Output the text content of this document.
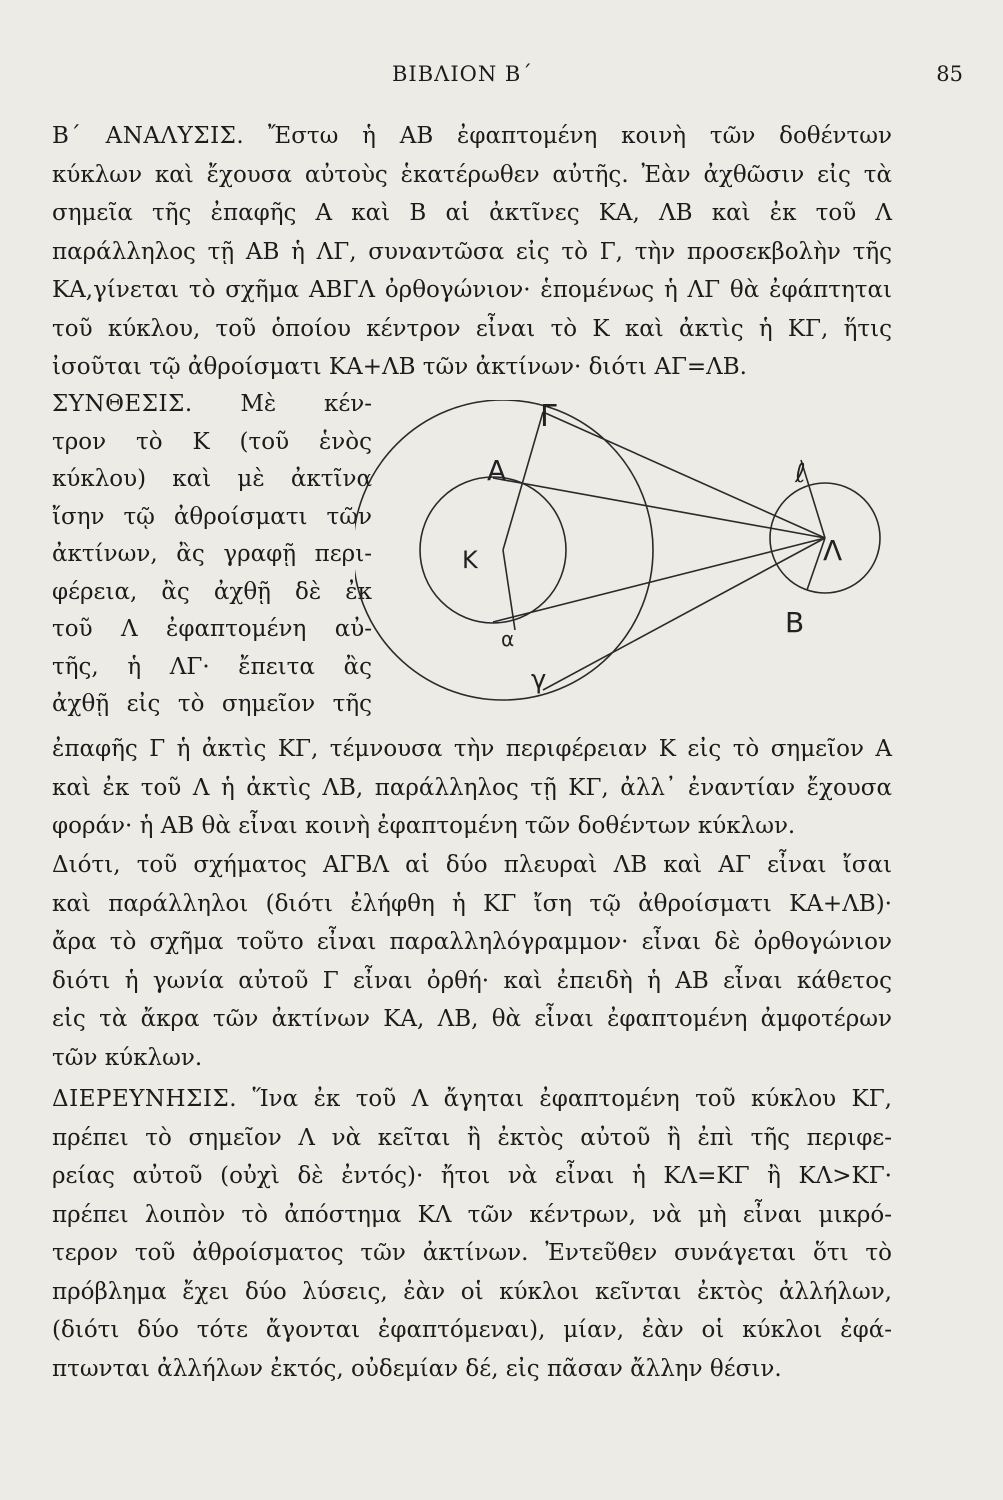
ΒΙΒΛΙΟΝ Β΄	85
Β΄ ΑΝΑΛΥΣΙΣ. Ἔστω ἡ ΑΒ ἐφαπτομένη κοινὴ τῶν δοθέντων
κύκλων καὶ ἔχουσα αὐτοὺς ἑκατέρωθεν αὐτῆς. Ἐὰν ἀχθῶσιν εἰς τὰ
σημεῖα τῆς ἐπαφῆς Α καὶ Β αἱ ἀκτῖνες ΚΑ, ΛΒ καὶ ἐκ τοῦ Λ
παράλληλος τῇ ΑΒ ἡ ΛΓ, συναντῶσα εἰς τὸ Γ, τὴν προσεκβολὴν τῆς
ΚΑ,γίνεται τὸ σχῆμα ΑΒΓΛ ὀρθογώνιον· ἑπομένως ἡ ΛΓ θὰ ἐφάπτηται
τοῦ κύκλου, τοῦ ὁποίου κέντρον εἶναι τὸ Κ καὶ ἀκτὶς ἡ ΚΓ, ἥτις
ἰσοῦται τῷ ἀθροίσματι ΚΑ+ΛΒ τῶν ἀκτίνων· διότι ΑΓ=ΛΒ.
ΣΥΝΘΕΣΙΣ. Μὲ κέν-
τρον τὸ Κ (τοῦ ἑνὸς
κύκλου) καὶ μὲ ἀκτῖνα
ἴσην τῷ ἀθροίσματι τῶν
ἀκτίνων, ἂς γραφῇ περι-
φέρεια, ἂς ἀχθῇ δὲ ἐκ
τοῦ Λ ἐφαπτομένη αὐ-
τῆς, ἡ ΛΓ· ἔπειτα ἂς
ἀχθῇ εἰς τὸ σημεῖον τῆς
Γ
Α
Κ	Λ
Β
α
γ
ℓ
ἐπαφῆς Γ ἡ ἀκτὶς ΚΓ, τέμνουσα τὴν περιφέρειαν Κ εἰς τὸ σημεῖον Α
καὶ ἐκ τοῦ Λ ἡ ἀκτὶς ΛΒ, παράλληλος τῇ ΚΓ, ἀλλ᾽ ἐναντίαν ἔχουσα
φοράν· ἡ ΑΒ θὰ εἶναι κοινὴ ἐφαπτομένη τῶν δοθέντων κύκλων.
Διότι, τοῦ σχήματος ΑΓΒΛ αἱ δύο πλευραὶ ΛΒ καὶ ΑΓ εἶναι ἴσαι
καὶ παράλληλοι (διότι ἐλήφθη ἡ ΚΓ ἴση τῷ ἀθροίσματι ΚΑ+ΛΒ)·
ἄρα τὸ σχῆμα τοῦτο εἶναι παραλληλόγραμμον· εἶναι δὲ ὀρθογώνιον
διότι ἡ γωνία αὐτοῦ Γ εἶναι ὀρθή· καὶ ἐπειδὴ ἡ ΑΒ εἶναι κάθετος
εἰς τὰ ἄκρα τῶν ἀκτίνων ΚΑ, ΛΒ, θὰ εἶναι ἐφαπτομένη ἀμφοτέρων
τῶν κύκλων.
ΔΙΕΡΕΥΝΗΣΙΣ. Ἵνα ἐκ τοῦ Λ ἄγηται ἐφαπτομένη τοῦ κύκλου ΚΓ,
πρέπει τὸ σημεῖον Λ νὰ κεῖται ἢ ἐκτὸς αὐτοῦ ἢ ἐπὶ τῆς περιφε-
ρείας αὐτοῦ (οὐχὶ δὲ ἐντός)· ἤτοι νὰ εἶναι ἡ ΚΛ=ΚΓ ἢ ΚΛ>ΚΓ·
πρέπει λοιπὸν τὸ ἀπόστημα ΚΛ τῶν κέντρων, νὰ μὴ εἶναι μικρό-
τερον τοῦ ἀθροίσματος τῶν ἀκτίνων. Ἐντεῦθεν συνάγεται ὅτι τὸ
πρόβλημα ἔχει δύο λύσεις, ἐὰν οἱ κύκλοι κεῖνται ἐκτὸς ἀλλήλων,
(διότι δύο τότε ἄγονται ἐφαπτόμεναι), μίαν, ἐὰν οἱ κύκλοι ἐφά-
πτωνται ἀλλήλων ἐκτός, οὐδεμίαν δέ, εἰς πᾶσαν ἄλλην θέσιν.
